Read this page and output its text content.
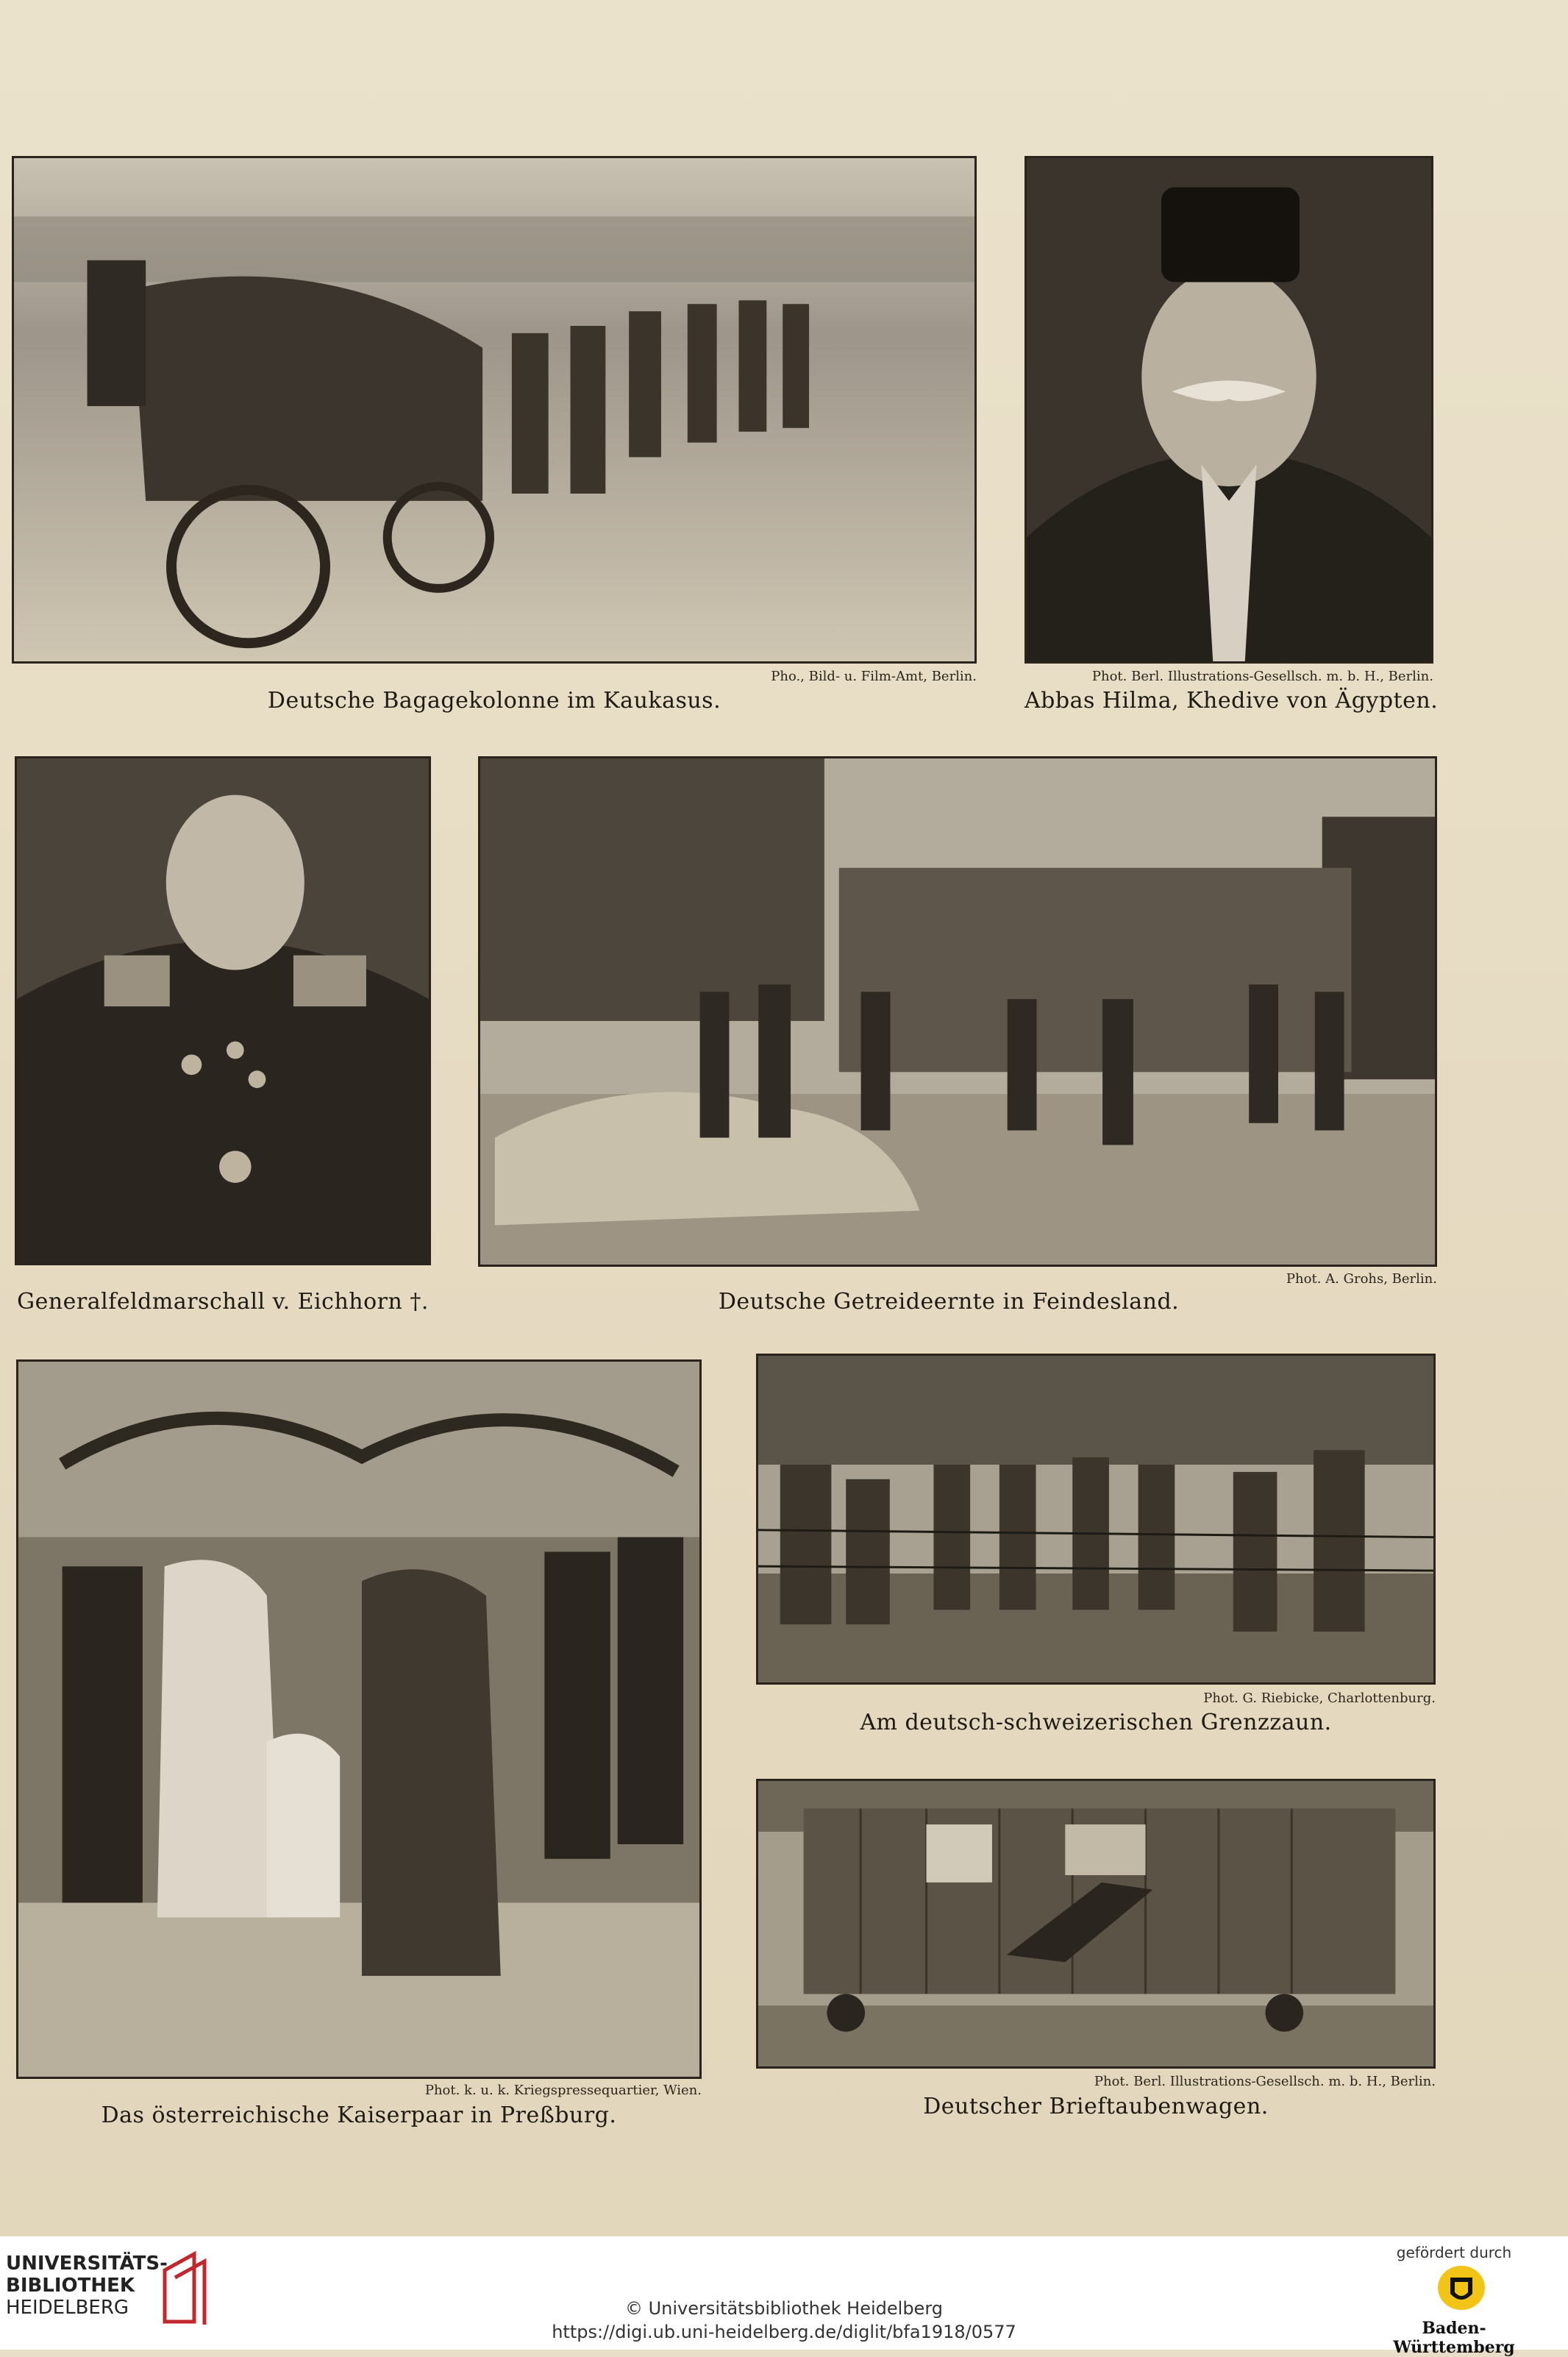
Pho., Bild- u. Film-Amt, Berlin.
Deutsche Bagagekolonne im Kaukasus.
Phot. Berl. Illustrations-Gesellsch. m. b. H., Berlin.
Abbas Hilma, Khedive von Ägypten.
Generalfeldmarschall v. Eichhorn †.
Phot. A. Grohs, Berlin.
Deutsche Getreideernte in Feindesland.
Phot. k. u. k. Kriegspressequartier, Wien.
Das österreichische Kaiserpaar in Preßburg.
Phot. G. Riebicke, Charlottenburg.
Am deutsch-schweizerischen Grenzzaun.
Phot. Berl. Illustrations-Gesellsch. m. b. H., Berlin.
Deutscher Brieftaubenwagen.
UNIVERSITÄTS-
BIBLIOTHEK
HEIDELBERG	© Universitätsbibliothek Heidelberg
https://digi.ub.uni-heidelberg.de/diglit/bfa1918/0577
gefördert durch
Baden-Württemberg
